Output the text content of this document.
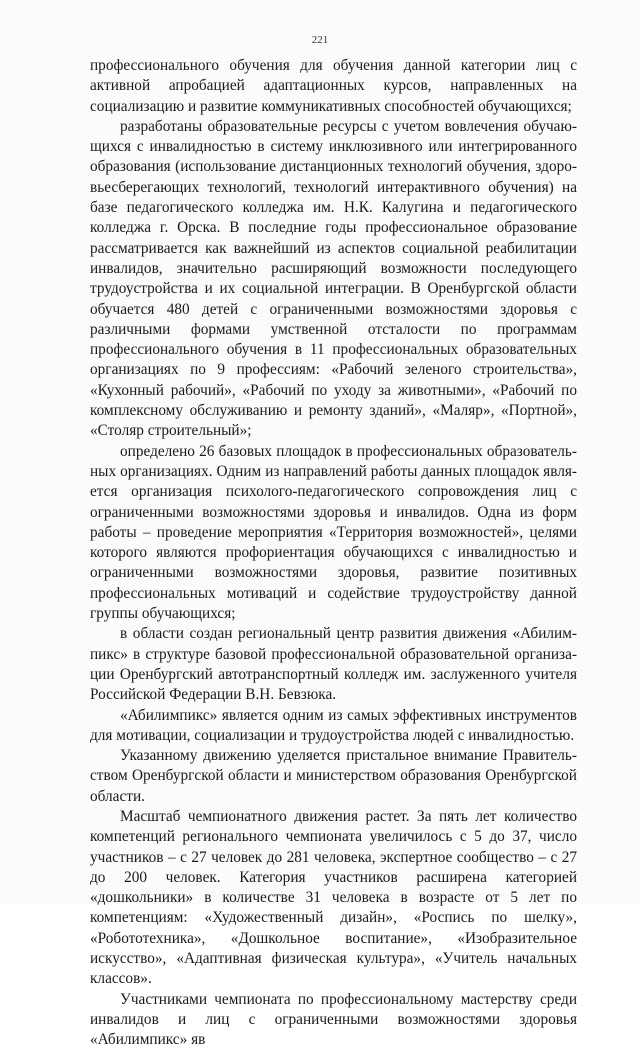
221

профессионального обучения для обучения данной категории лиц с активной апробацией адаптационных курсов, направленных на социализацию и развитие коммуникативных способностей обучающихся;

разработаны образовательные ресурсы с учетом вовлечения обучающихся с инвалидностью в систему инклюзивного или интегрированного образования (использование дистанционных технологий обучения, здоровьесберегающих технологий, технологий интерактивного обучения) на базе педагогического колледжа им. Н.К. Калугина и педагогического колледжа г. Орска. В последние годы профессиональное образование рассматривается как важнейший из аспектов социальной реабилитации инвалидов, значительно расширяющий возможности последующего трудоустройства и их социальной интеграции. В Оренбургской области обучается 480 детей с ограниченными возможностями здоровья с различными формами умственной отсталости по программам профессионального обучения в 11 профессиональных образовательных организациях по 9 профессиям: «Рабочий зеленого строительства», «Кухонный рабочий», «Рабочий по уходу за животными», «Рабочий по комплексному обслуживанию и ремонту зданий», «Маляр», «Портной», «Столяр строительный»;

определено 26 базовых площадок в профессиональных образовательных организациях. Одним из направлений работы данных площадок является организация психолого-педагогического сопровождения лиц с ограниченными возможностями здоровья и инвалидов. Одна из форм работы – проведение мероприятия «Территория возможностей», целями которого являются профориентация обучающихся с инвалидностью и ограниченными возможностями здоровья, развитие позитивных профессиональных мотиваций и содействие трудоустройству данной группы обучающихся;

в области создан региональный центр развития движения «Абилимпикс» в структуре базовой профессиональной образовательной организации Оренбургский автотранспортный колледж им. заслуженного учителя Российской Федерации В.Н. Бевзюка.

«Абилимпикс» является одним из самых эффективных инструментов для мотивации, социализации и трудоустройства людей с инвалидностью.

Указанному движению уделяется пристальное внимание Правительством Оренбургской области и министерством образования Оренбургской области.

Масштаб чемпионатного движения растет. За пять лет количество компетенций регионального чемпионата увеличилось с 5 до 37, число участников – с 27 человек до 281 человека, экспертное сообщество – с 27 до 200 человек. Категория участников расширена категорией «дошкольники» в количестве 31 человека в возрасте от 5 лет по компетенциям: «Художественный дизайн», «Роспись по шелку», «Робототехника», «Дошкольное воспитание», «Изобразительное искусство», «Адаптивная физическая культура», «Учитель начальных классов».

Участниками чемпионата по профессиональному мастерству среди инвалидов и лиц с ограниченными возможностями здоровья «Абилимпикс» яв
